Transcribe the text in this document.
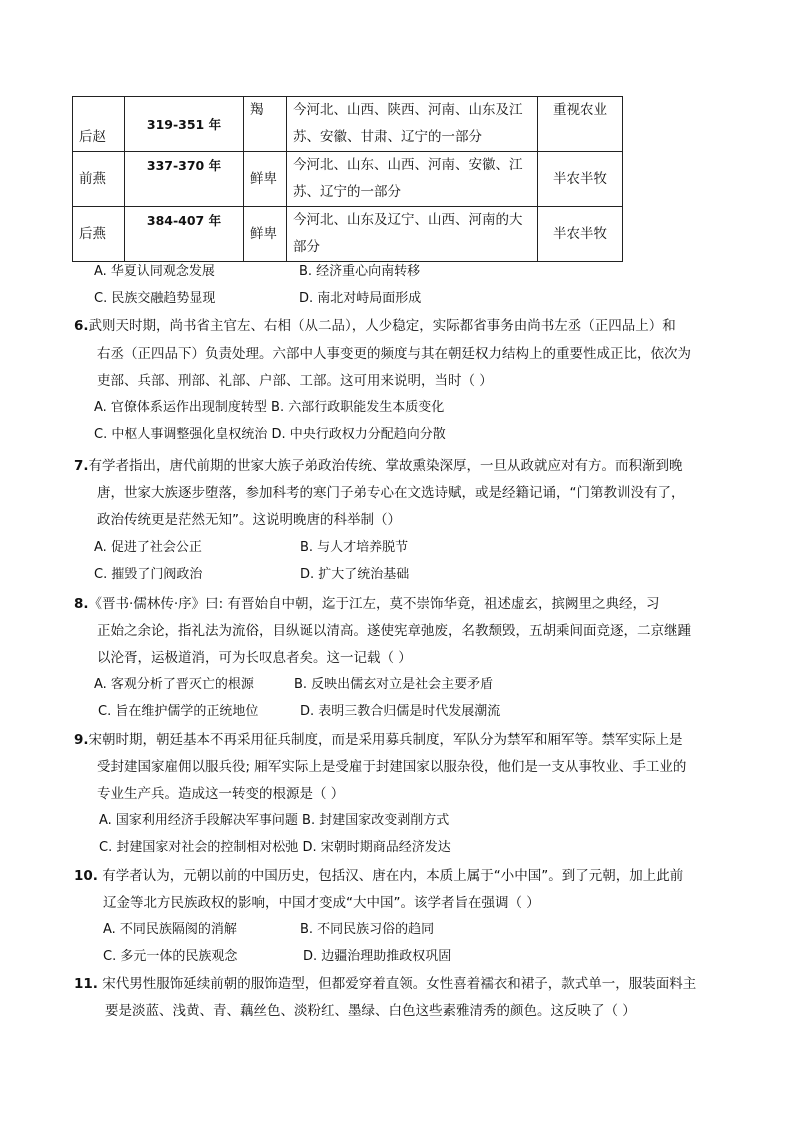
后赵	319-351 年	羯	今河北、山西、陕西、河南、山东及江
苏、安徽、甘肃、辽宁的一部分	重视农业
前燕	337-370 年	鲜卑	今河北、山东、山西、河南、安徽、江
苏、辽宁的一部分	半农半牧
后燕	384-407 年	鲜卑	今河北、山东及辽宁、山西、河南的大
部分	半农半牧
A. 华夏认同观念发展	B. 经济重心向南转移
C. 民族交融趋势显现	D. 南北对峙局面形成
6.武则天时期，尚书省主官左、右相（从二品），人少稳定，实际都省事务由尚书左丞（正四品上）和
右丞（正四品下）负责处理。六部中人事变更的频度与其在朝廷权力结构上的重要性成正比，依次为
吏部、兵部、刑部、礼部、户部、工部。这可用来说明，当时（ ）
A. 官僚体系运作出现制度转型 B. 六部行政职能发生本质变化
C. 中枢人事调整强化皇权统治 D. 中央行政权力分配趋向分散
7.有学者指出，唐代前期的世家大族子弟政治传统、掌故熏染深厚，一旦从政就应对有方。而积渐到晚
唐，世家大族逐步堕落，参加科考的寒门子弟专心在文选诗赋，或是经籍记诵，“门第教训没有了，
政治传统更是茫然无知”。这说明晚唐的科举制（）
A. 促进了社会公正	B. 与人才培养脱节
C. 摧毁了门阀政治	D. 扩大了统治基础
8.《晋书·儒林传·序》曰: 有晋始自中朝，迄于江左，莫不崇饰华竟，祖述虚玄，摈阙里之典经，习
正始之余论，指礼法为流俗，目纵诞以清高。遂使宪章弛废，名教颓毁，五胡乘间面竞逐，二京继踵
以沦胥，运极道消，可为长叹息者矣。这一记载（ ）
A. 客观分析了晋灭亡的根源	B. 反映出儒玄对立是社会主要矛盾
C. 旨在维护儒学的正统地位	D. 表明三教合归儒是时代发展潮流
9.宋朝时期，朝廷基本不再采用征兵制度，而是采用募兵制度，军队分为禁军和厢军等。禁军实际上是
受封建国家雇佣以服兵役; 厢军实际上是受雇于封建国家以服杂役，他们是一支从事牧业、手工业的
专业生产兵。造成这一转变的根源是（ ）
A. 国家利用经济手段解决军事问题 B. 封建国家改变剥削方式
C. 封建国家对社会的控制相对松弛 D. 宋朝时期商品经济发达
10. 有学者认为，元朝以前的中国历史，包括汉、唐在内，本质上属于“小中国”。到了元朝，加上此前
辽金等北方民族政权的影响，中国才变成“大中国”。该学者旨在强调（ ）
A. 不同民族隔阂的消解	B. 不同民族习俗的趋同
C. 多元一体的民族观念	D. 边疆治理助推政权巩固
11. 宋代男性服饰延续前朝的服饰造型，但都爱穿着直领。女性喜着襦衣和裙子，款式单一，服装面料主
要是淡蓝、浅黄、青、藕丝色、淡粉红、墨绿、白色这些素雅清秀的颜色。这反映了（ ）
